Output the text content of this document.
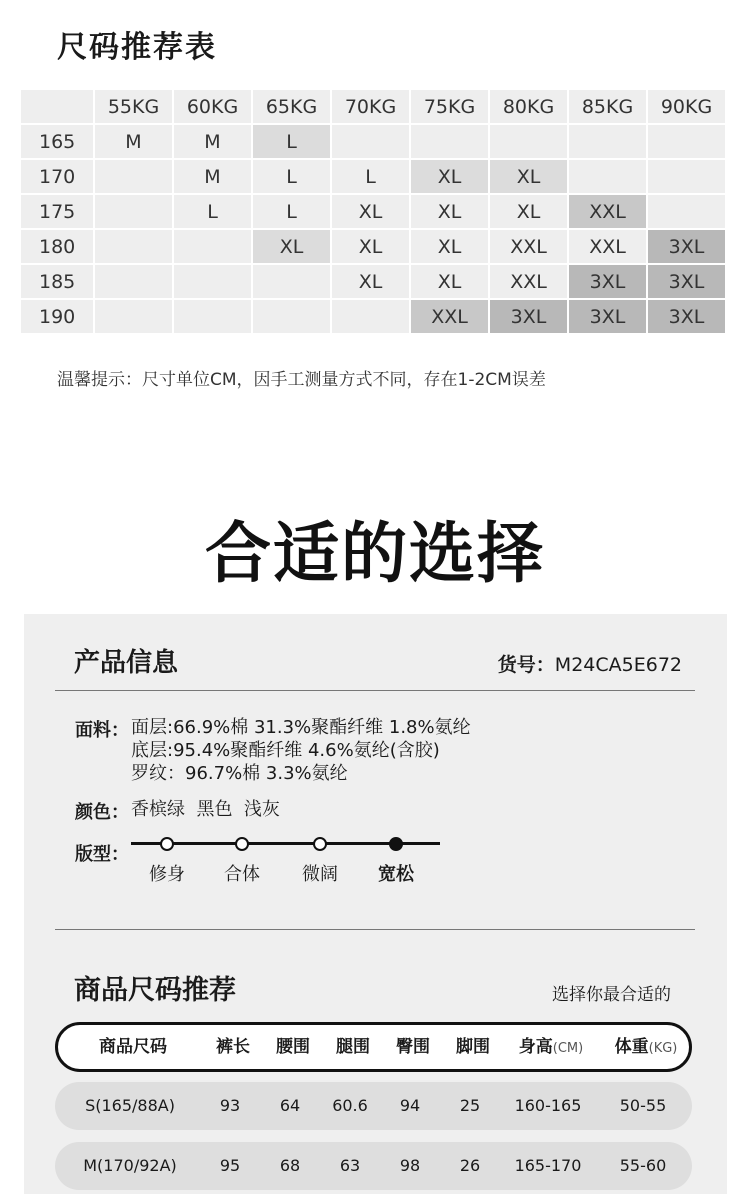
尺码推荐表
	55KG	60KG	65KG	70KG	75KG	80KG	85KG	90KG
165	M	M	L					
170		M	L	L	XL	XL		
175		L	L	XL	XL	XL	XXL	
180			XL	XL	XL	XXL	XXL	3XL
185				XL	XL	XXL	3XL	3XL
190					XXL	3XL	3XL	3XL
温馨提示：尺寸单位CM，因手工测量方式不同，存在1-2CM误差
合适的选择
产品信息	货号：M24CA5E672
面料： 面层:66.9%棉 31.3%聚酯纤维 1.8%氨纶
底层:95.4%聚酯纤维 4.6%氨纶(含胶)
罗纹：96.7%棉 3.3%氨纶
颜色： 香槟绿  黑色  浅灰
版型：
修身	合体	微阔	宽松
商品尺码推荐	选择你最合适的
商品尺码	裤长	腰围	腿围	臀围	脚围	身高(CM)	体重(KG)
S(165/88A)	93	64	60.6	94	25	160-165	50-55
M(170/92A)	95	68	63	98	26	165-170	55-60
